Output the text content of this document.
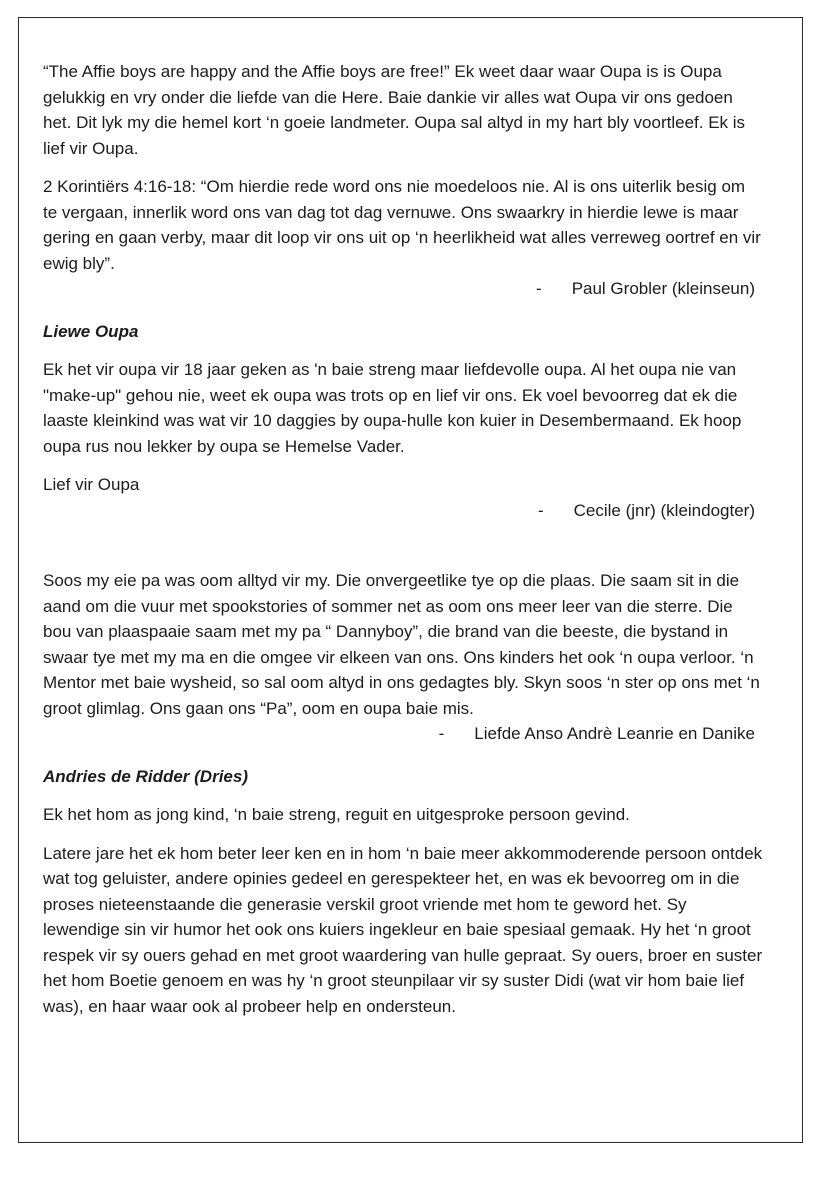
“The Affie boys are happy and the Affie boys are free!” Ek weet daar waar Oupa is is Oupa gelukkig en vry onder die liefde van die Here. Baie dankie vir alles wat Oupa vir ons gedoen het. Dit lyk my die hemel kort ‘n goeie landmeter. Oupa sal altyd in my hart bly voortleef. Ek is lief vir Oupa.

2 Korintiërs 4:16-18: “Om hierdie rede word ons nie moedeloos nie. Al is ons uiterlik besig om te vergaan, innerlik word ons van dag tot dag vernuwe. Ons swaarkry in hierdie lewe is maar gering en gaan verby, maar dit loop vir ons uit op ‘n heerlikheid wat alles verreweg oortref en vir ewig bly”.

- Paul Grobler (kleinseun)

Liewe Oupa

Ek het vir oupa vir 18 jaar geken as 'n baie streng maar liefdevolle oupa. Al het oupa nie van "make-up" gehou nie, weet ek oupa was trots op en lief vir ons. Ek voel bevoorreg dat ek die laaste kleinkind was wat vir 10 daggies by oupa-hulle kon kuier in Desembermaand. Ek hoop oupa rus nou lekker by oupa se Hemelse Vader.

Lief vir Oupa

- Cecile (jnr) (kleindogter)

Soos my eie pa was oom alltyd vir my. Die onvergeetlike tye op die plaas. Die saam sit in die aand om die vuur met spookstories of sommer net as oom ons meer leer van die sterre. Die bou van plaaspaaie saam met my pa “ Dannyboy”, die brand van die beeste, die bystand in swaar tye met my ma en die omgee vir elkeen van ons. Ons kinders het ook ‘n oupa verloor. ‘n Mentor met baie wysheid, so sal oom altyd in ons gedagtes bly. Skyn soos ‘n ster op ons met ‘n groot glimlag. Ons gaan ons “Pa”, oom en oupa baie mis.

- Liefde Anso Andrè Leanrie en Danike

Andries de Ridder (Dries)

Ek het hom as jong kind, ‘n baie streng, reguit en uitgesproke persoon gevind.

Latere jare het ek hom beter leer ken en in hom ‘n baie meer akkommoderende persoon ontdek wat tog geluister, andere opinies gedeel en gerespekteer het, en was ek bevoorreg om in die proses nieteenstaande die generasie verskil groot vriende met hom te geword het. Sy lewendige sin vir humor het ook ons kuiers ingekleur en baie spesiaal gemaak. Hy het ‘n groot respek vir sy ouers gehad en met groot waardering van hulle gepraat. Sy ouers, broer en suster het hom Boetie genoem en was hy ‘n groot steunpilaar vir sy suster Didi (wat vir hom baie lief was), en haar waar ook al probeer help en ondersteun.
